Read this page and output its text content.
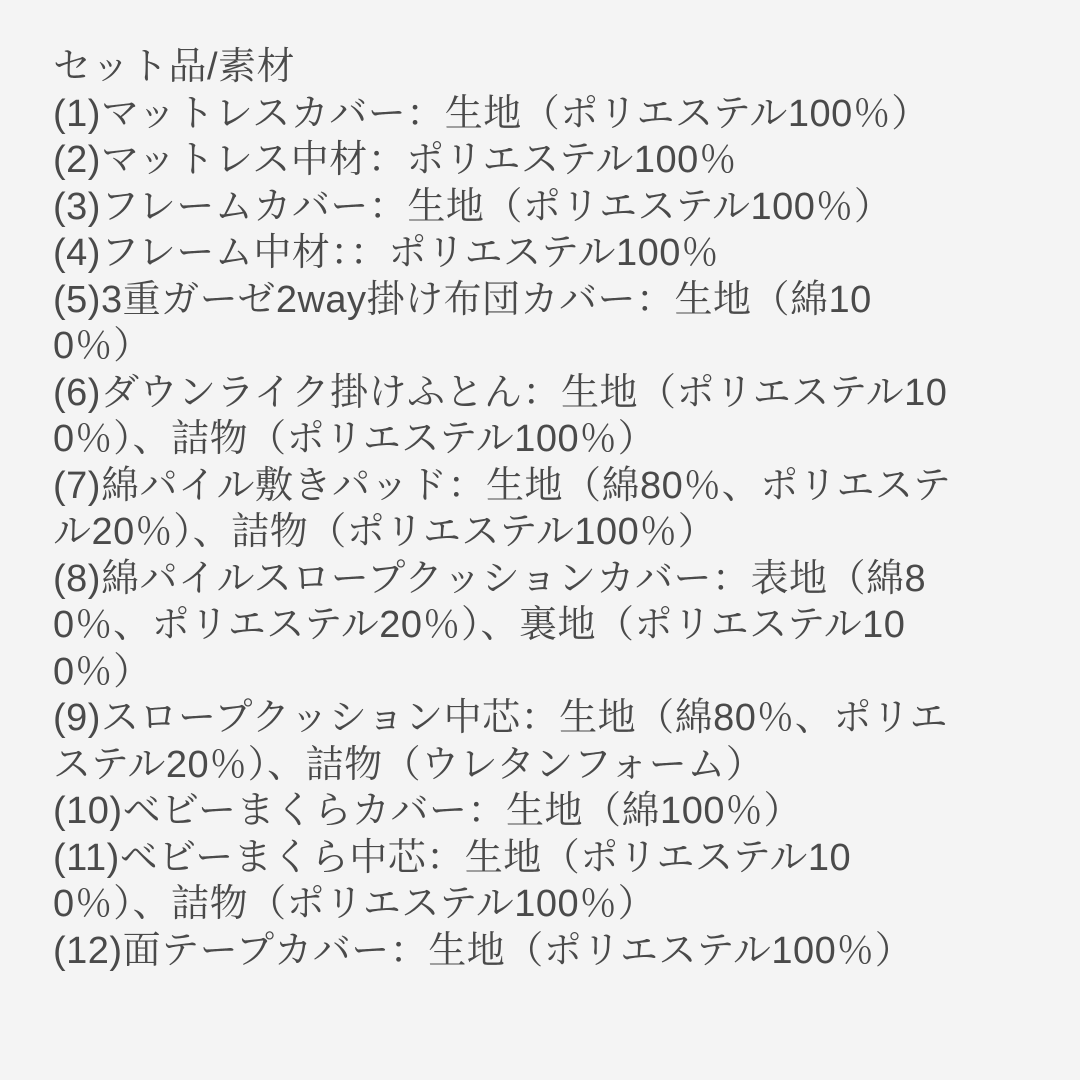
セット品/素材
(1)マットレスカバー：生地（ポリエステル100％）
(2)マットレス中材：ポリエステル100％
(3)フレームカバー：生地（ポリエステル100％）
(4)フレーム中材：：ポリエステル100％
(5)3重ガーゼ2way掛け布団カバー：生地（綿10
0％）
(6)ダウンライク掛けふとん：生地（ポリエステル10
0％）、詰物（ポリエステル100％）
(7)綿パイル敷きパッド：生地（綿80％、ポリエステ
ル20％）、詰物（ポリエステル100％）
(8)綿パイルスロープクッションカバー：表地（綿8
0％、ポリエステル20％）、裏地（ポリエステル10
0％）
(9)スロープクッション中芯：生地（綿80％、ポリエ
ステル20％）、詰物（ウレタンフォーム）
(10)ベビーまくらカバー：生地（綿100％）
(11)ベビーまくら中芯：生地（ポリエステル10
0％）、詰物（ポリエステル100％）
(12)面テープカバー：生地（ポリエステル100％）
